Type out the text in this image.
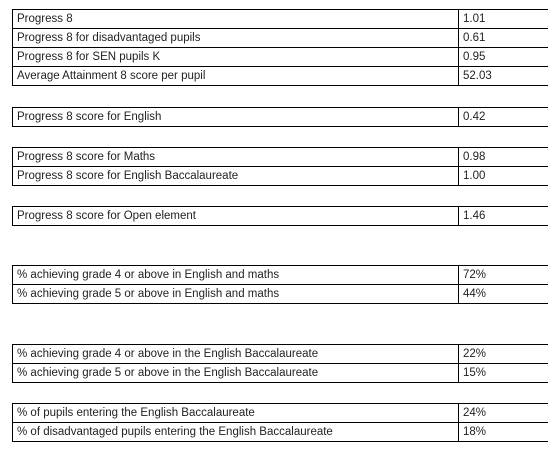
Progress 8	1.01
Progress 8 for disadvantaged pupils	0.61
Progress 8 for SEN pupils K	0.95
Average Attainment 8 score per pupil	52.03
Progress 8 score for English	0.42
Progress 8 score for Maths	0.98
Progress 8 score for English Baccalaureate	1.00
Progress 8 score for Open element	1.46
% achieving grade 4 or above in English and maths	72%
% achieving grade 5 or above in English and maths	44%
% achieving grade 4 or above in the English Baccalaureate	22%
% achieving grade 5 or above in the English Baccalaureate	15%
% of pupils entering the English Baccalaureate	24%
% of disadvantaged pupils entering the English Baccalaureate	18%
